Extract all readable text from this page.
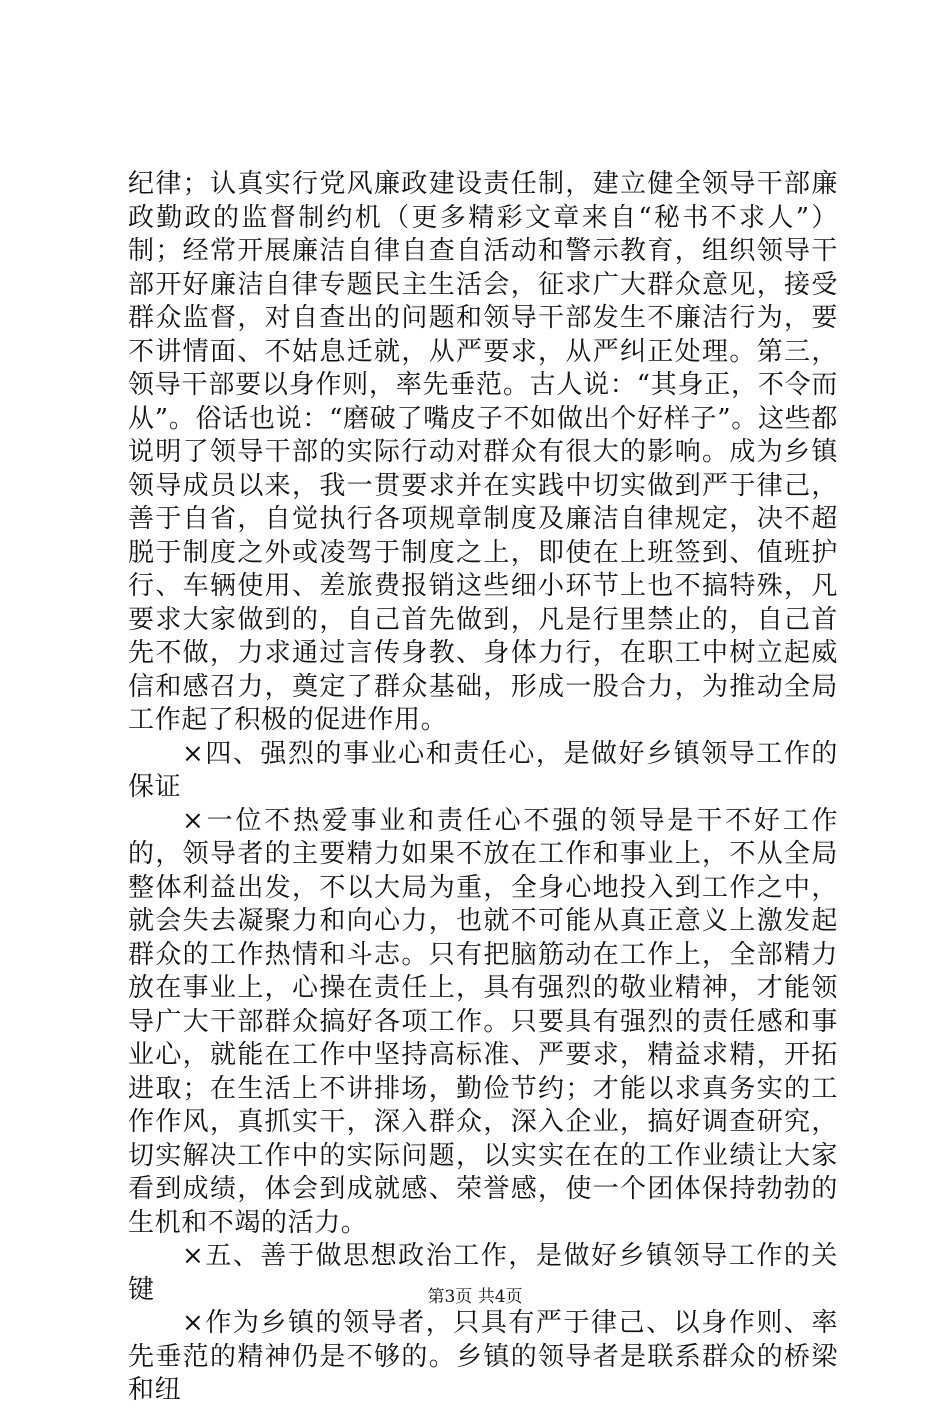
纪律；认真实行党风廉政建设责任制，建立健全领导干部廉政勤政的监督制约机（更多精彩文章来自“秘书不求人”）制；经常开展廉洁自律自查自活动和警示教育，组织领导干部开好廉洁自律专题民主生活会，征求广大群众意见，接受群众监督，对自查出的问题和领导干部发生不廉洁行为，要不讲情面、不姑息迁就，从严要求，从严纠正处理。第三，领导干部要以身作则，率先垂范。古人说：“其身正，不令而从”。俗话也说：“磨破了嘴皮子不如做出个好样子”。这些都说明了领导干部的实际行动对群众有很大的影响。成为乡镇领导成员以来，我一贯要求并在实践中切实做到严于律己，善于自省，自觉执行各项规章制度及廉洁自律规定，决不超脱于制度之外或凌驾于制度之上，即使在上班签到、值班护行、车辆使用、差旅费报销这些细小环节上也不搞特殊，凡要求大家做到的，自己首先做到，凡是行里禁止的，自己首先不做，力求通过言传身教、身体力行，在职工中树立起威信和感召力，奠定了群众基础，形成一股合力，为推动全局工作起了积极的促进作用。

×四、强烈的事业心和责任心，是做好乡镇领导工作的保证

×一位不热爱事业和责任心不强的领导是干不好工作的，领导者的主要精力如果不放在工作和事业上，不从全局整体利益出发，不以大局为重，全身心地投入到工作之中，就会失去凝聚力和向心力，也就不可能从真正意义上激发起群众的工作热情和斗志。只有把脑筋动在工作上，全部精力放在事业上，心操在责任上，具有强烈的敬业精神，才能领导广大干部群众搞好各项工作。只要具有强烈的责任感和事业心，就能在工作中坚持高标准、严要求，精益求精，开拓进取；在生活上不讲排场，勤俭节约；才能以求真务实的工作作风，真抓实干，深入群众，深入企业，搞好调查研究，切实解决工作中的实际问题，以实实在在的工作业绩让大家看到成绩，体会到成就感、荣誉感，使一个团体保持勃勃的生机和不竭的活力。

×五、善于做思想政治工作，是做好乡镇领导工作的关键

×作为乡镇的领导者，只具有严于律己、以身作则、率先垂范的精神仍是不够的。乡镇的领导者是联系群众的桥梁和纽

第3页 共4页
